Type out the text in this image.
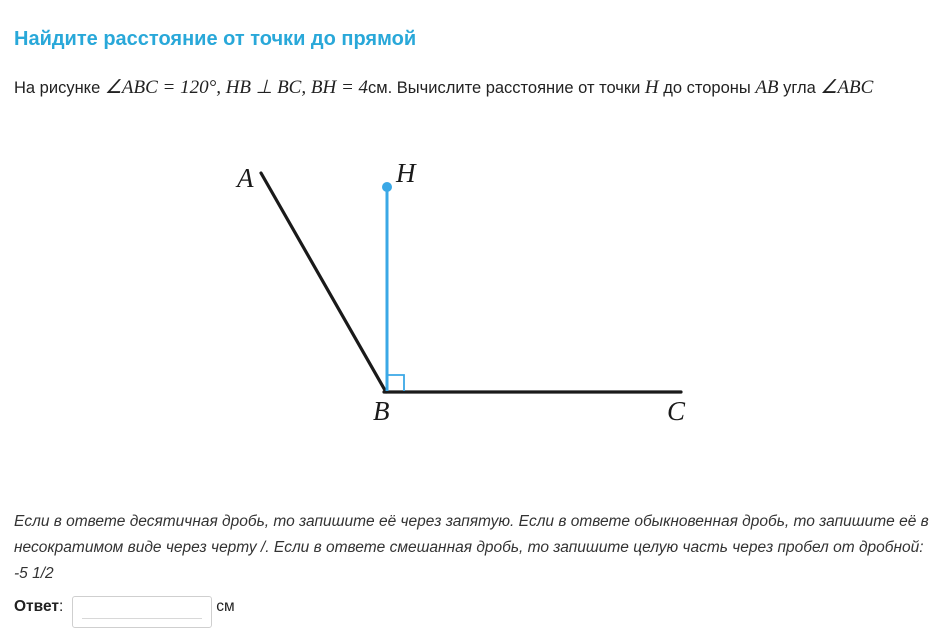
Найдите расстояние от точки до прямой
На рисунке ∠ABC = 120°, HB ⊥ BC, BH = 4см. Вычислите расстояние от точки H до стороны AB угла ∠ABC
A	H
B	C
Если в ответе десятичная дробь, то запишите её через запятую. Если в ответе обыкновенная дробь, то запишите её в несократимом виде через черту /. Если в ответе смешанная дробь, то запишите целую часть через пробел от дробной: -5 1/2
Ответ :	см
